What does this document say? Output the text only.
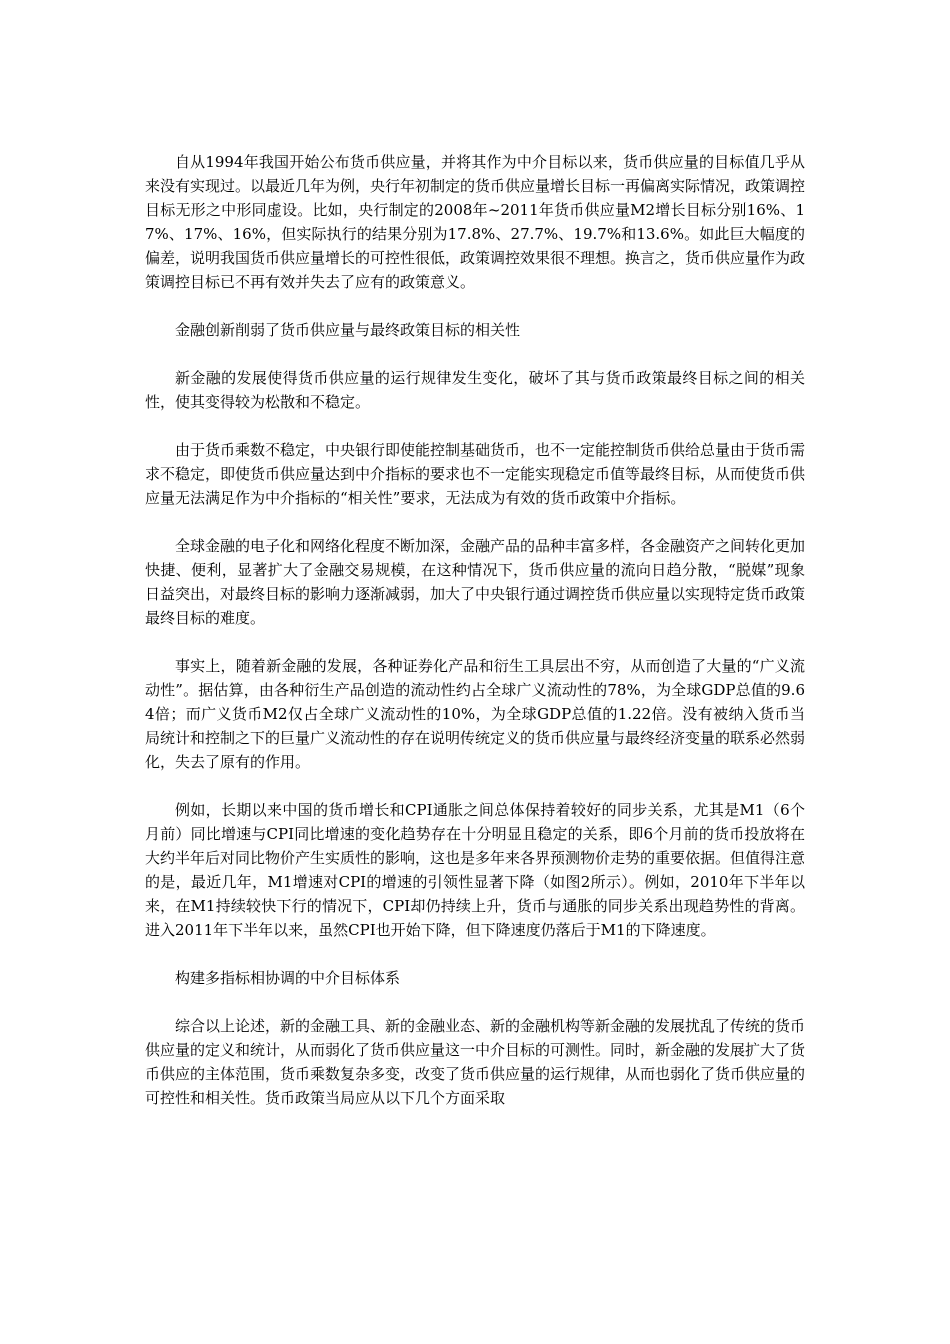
自从1994年我国开始公布货币供应量，并将其作为中介目标以来，货币供应量的目标值几乎从来没有实现过。以最近几年为例，央行年初制定的货币供应量增长目标一再偏离实际情况，政策调控目标无形之中形同虚设。比如，央行制定的2008年~2011年货币供应量M2增长目标分别16%、17%、17%、16%，但实际执行的结果分别为17.8%、27.7%、19.7%和13.6%。如此巨大幅度的偏差，说明我国货币供应量增长的可控性很低，政策调控效果很不理想。换言之，货币供应量作为政策调控目标已不再有效并失去了应有的政策意义。

金融创新削弱了货币供应量与最终政策目标的相关性

新金融的发展使得货币供应量的运行规律发生变化，破坏了其与货币政策最终目标之间的相关性，使其变得较为松散和不稳定。

由于货币乘数不稳定，中央银行即使能控制基础货币，也不一定能控制货币供给总量由于货币需求不稳定，即使货币供应量达到中介指标的要求也不一定能实现稳定币值等最终目标，从而使货币供应量无法满足作为中介指标的“相关性”要求，无法成为有效的货币政策中介指标。

全球金融的电子化和网络化程度不断加深，金融产品的品种丰富多样，各金融资产之间转化更加快捷、便利，显著扩大了金融交易规模，在这种情况下，货币供应量的流向日趋分散，“脱媒”现象日益突出，对最终目标的影响力逐渐减弱，加大了中央银行通过调控货币供应量以实现特定货币政策最终目标的难度。

事实上，随着新金融的发展，各种证券化产品和衍生工具层出不穷，从而创造了大量的“广义流动性”。据估算，由各种衍生产品创造的流动性约占全球广义流动性的78%，为全球GDP总值的9.64倍；而广义货币M2仅占全球广义流动性的10%，为全球GDP总值的1.22倍。没有被纳入货币当局统计和控制之下的巨量广义流动性的存在说明传统定义的货币供应量与最终经济变量的联系必然弱化，失去了原有的作用。

例如，长期以来中国的货币增长和CPI通胀之间总体保持着较好的同步关系，尤其是M1（6个月前）同比增速与CPI同比增速的变化趋势存在十分明显且稳定的关系，即6个月前的货币投放将在大约半年后对同比物价产生实质性的影响，这也是多年来各界预测物价走势的重要依据。但值得注意的是，最近几年，M1增速对CPI的增速的引领性显著下降（如图2所示）。例如，2010年下半年以来，在M1持续较快下行的情况下，CPI却仍持续上升，货币与通胀的同步关系出现趋势性的背离。进入2011年下半年以来，虽然CPI也开始下降，但下降速度仍落后于M1的下降速度。

构建多指标相协调的中介目标体系

综合以上论述，新的金融工具、新的金融业态、新的金融机构等新金融的发展扰乱了传统的货币供应量的定义和统计，从而弱化了货币供应量这一中介目标的可测性。同时，新金融的发展扩大了货币供应的主体范围，货币乘数复杂多变，改变了货币供应量的运行规律，从而也弱化了货币供应量的可控性和相关性。货币政策当局应从以下几个方面采取
